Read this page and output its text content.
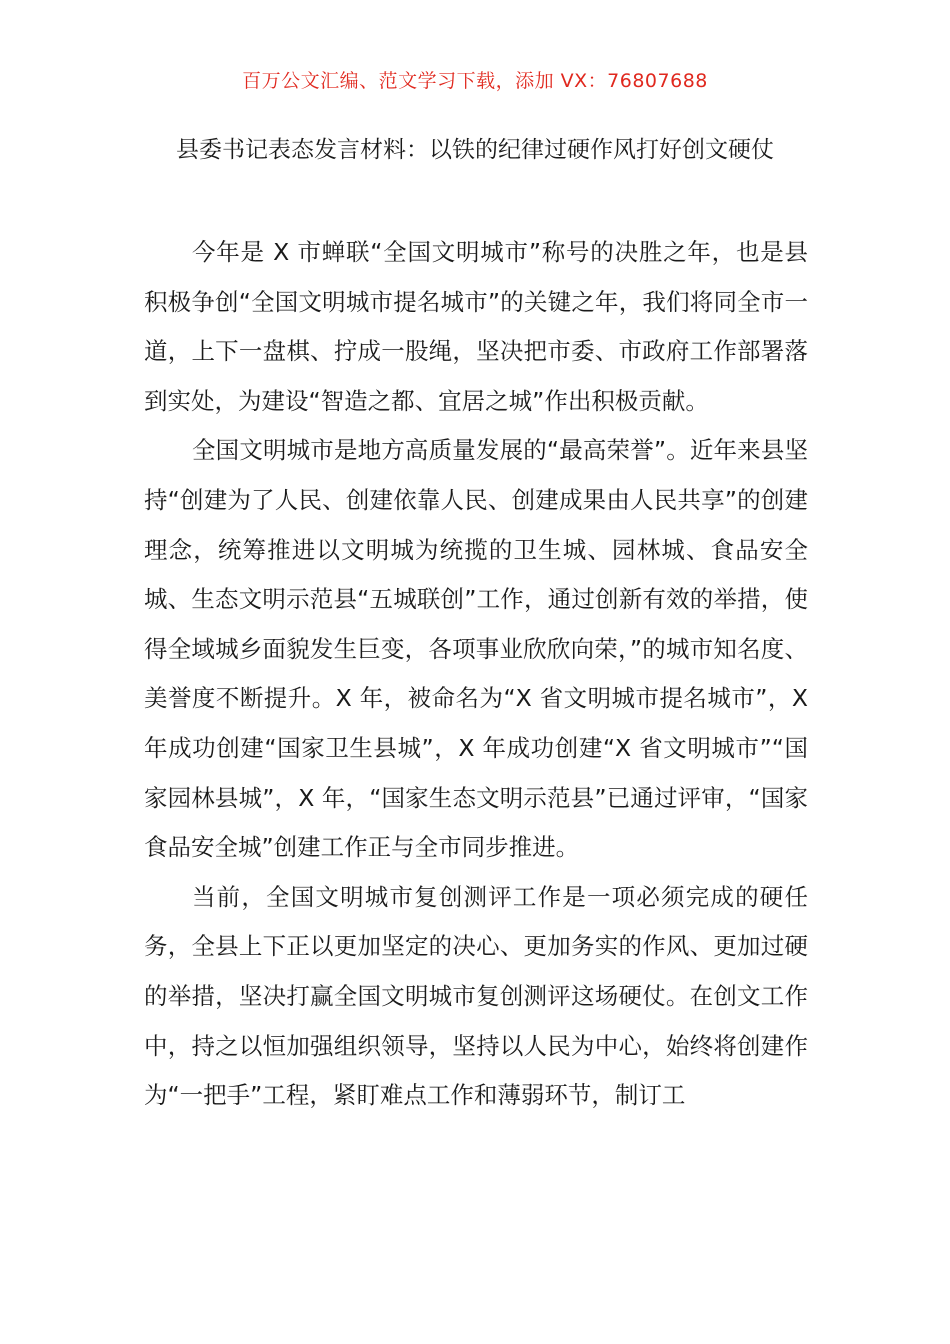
百万公文汇编、范文学习下载，添加 VX：76807688
县委书记表态发言材料：以铁的纪律过硬作风打好创文硬仗

今年是 X 市蝉联“全国文明城市”称号的决胜之年，也是县积极争创“全国文明城市提名城市”的关键之年，我们将同全市一道，上下一盘棋、拧成一股绳，坚决把市委、市政府工作部署落到实处，为建设“智造之都、宜居之城”作出积极贡献。

全国文明城市是地方高质量发展的“最高荣誉”。近年来县坚持“创建为了人民、创建依靠人民、创建成果由人民共享”的创建理念，统筹推进以文明城为统揽的卫生城、园林城、食品安全城、生态文明示范县“五城联创”工作，通过创新有效的举措，使得全域城乡面貌发生巨变，各项事业欣欣向荣，”的城市知名度、美誉度不断提升。X 年，被命名为“X 省文明城市提名城市”，X 年成功创建“国家卫生县城”，X 年成功创建“X 省文明城市”“国家园林县城”，X 年，“国家生态文明示范县”已通过评审，“国家食品安全城”创建工作正与全市同步推进。

当前，全国文明城市复创测评工作是一项必须完成的硬任务，全县上下正以更加坚定的决心、更加务实的作风、更加过硬的举措，坚决打赢全国文明城市复创测评这场硬仗。在创文工作中，持之以恒加强组织领导，坚持以人民为中心，始终将创建作为“一把手”工程，紧盯难点工作和薄弱环节，制订工
